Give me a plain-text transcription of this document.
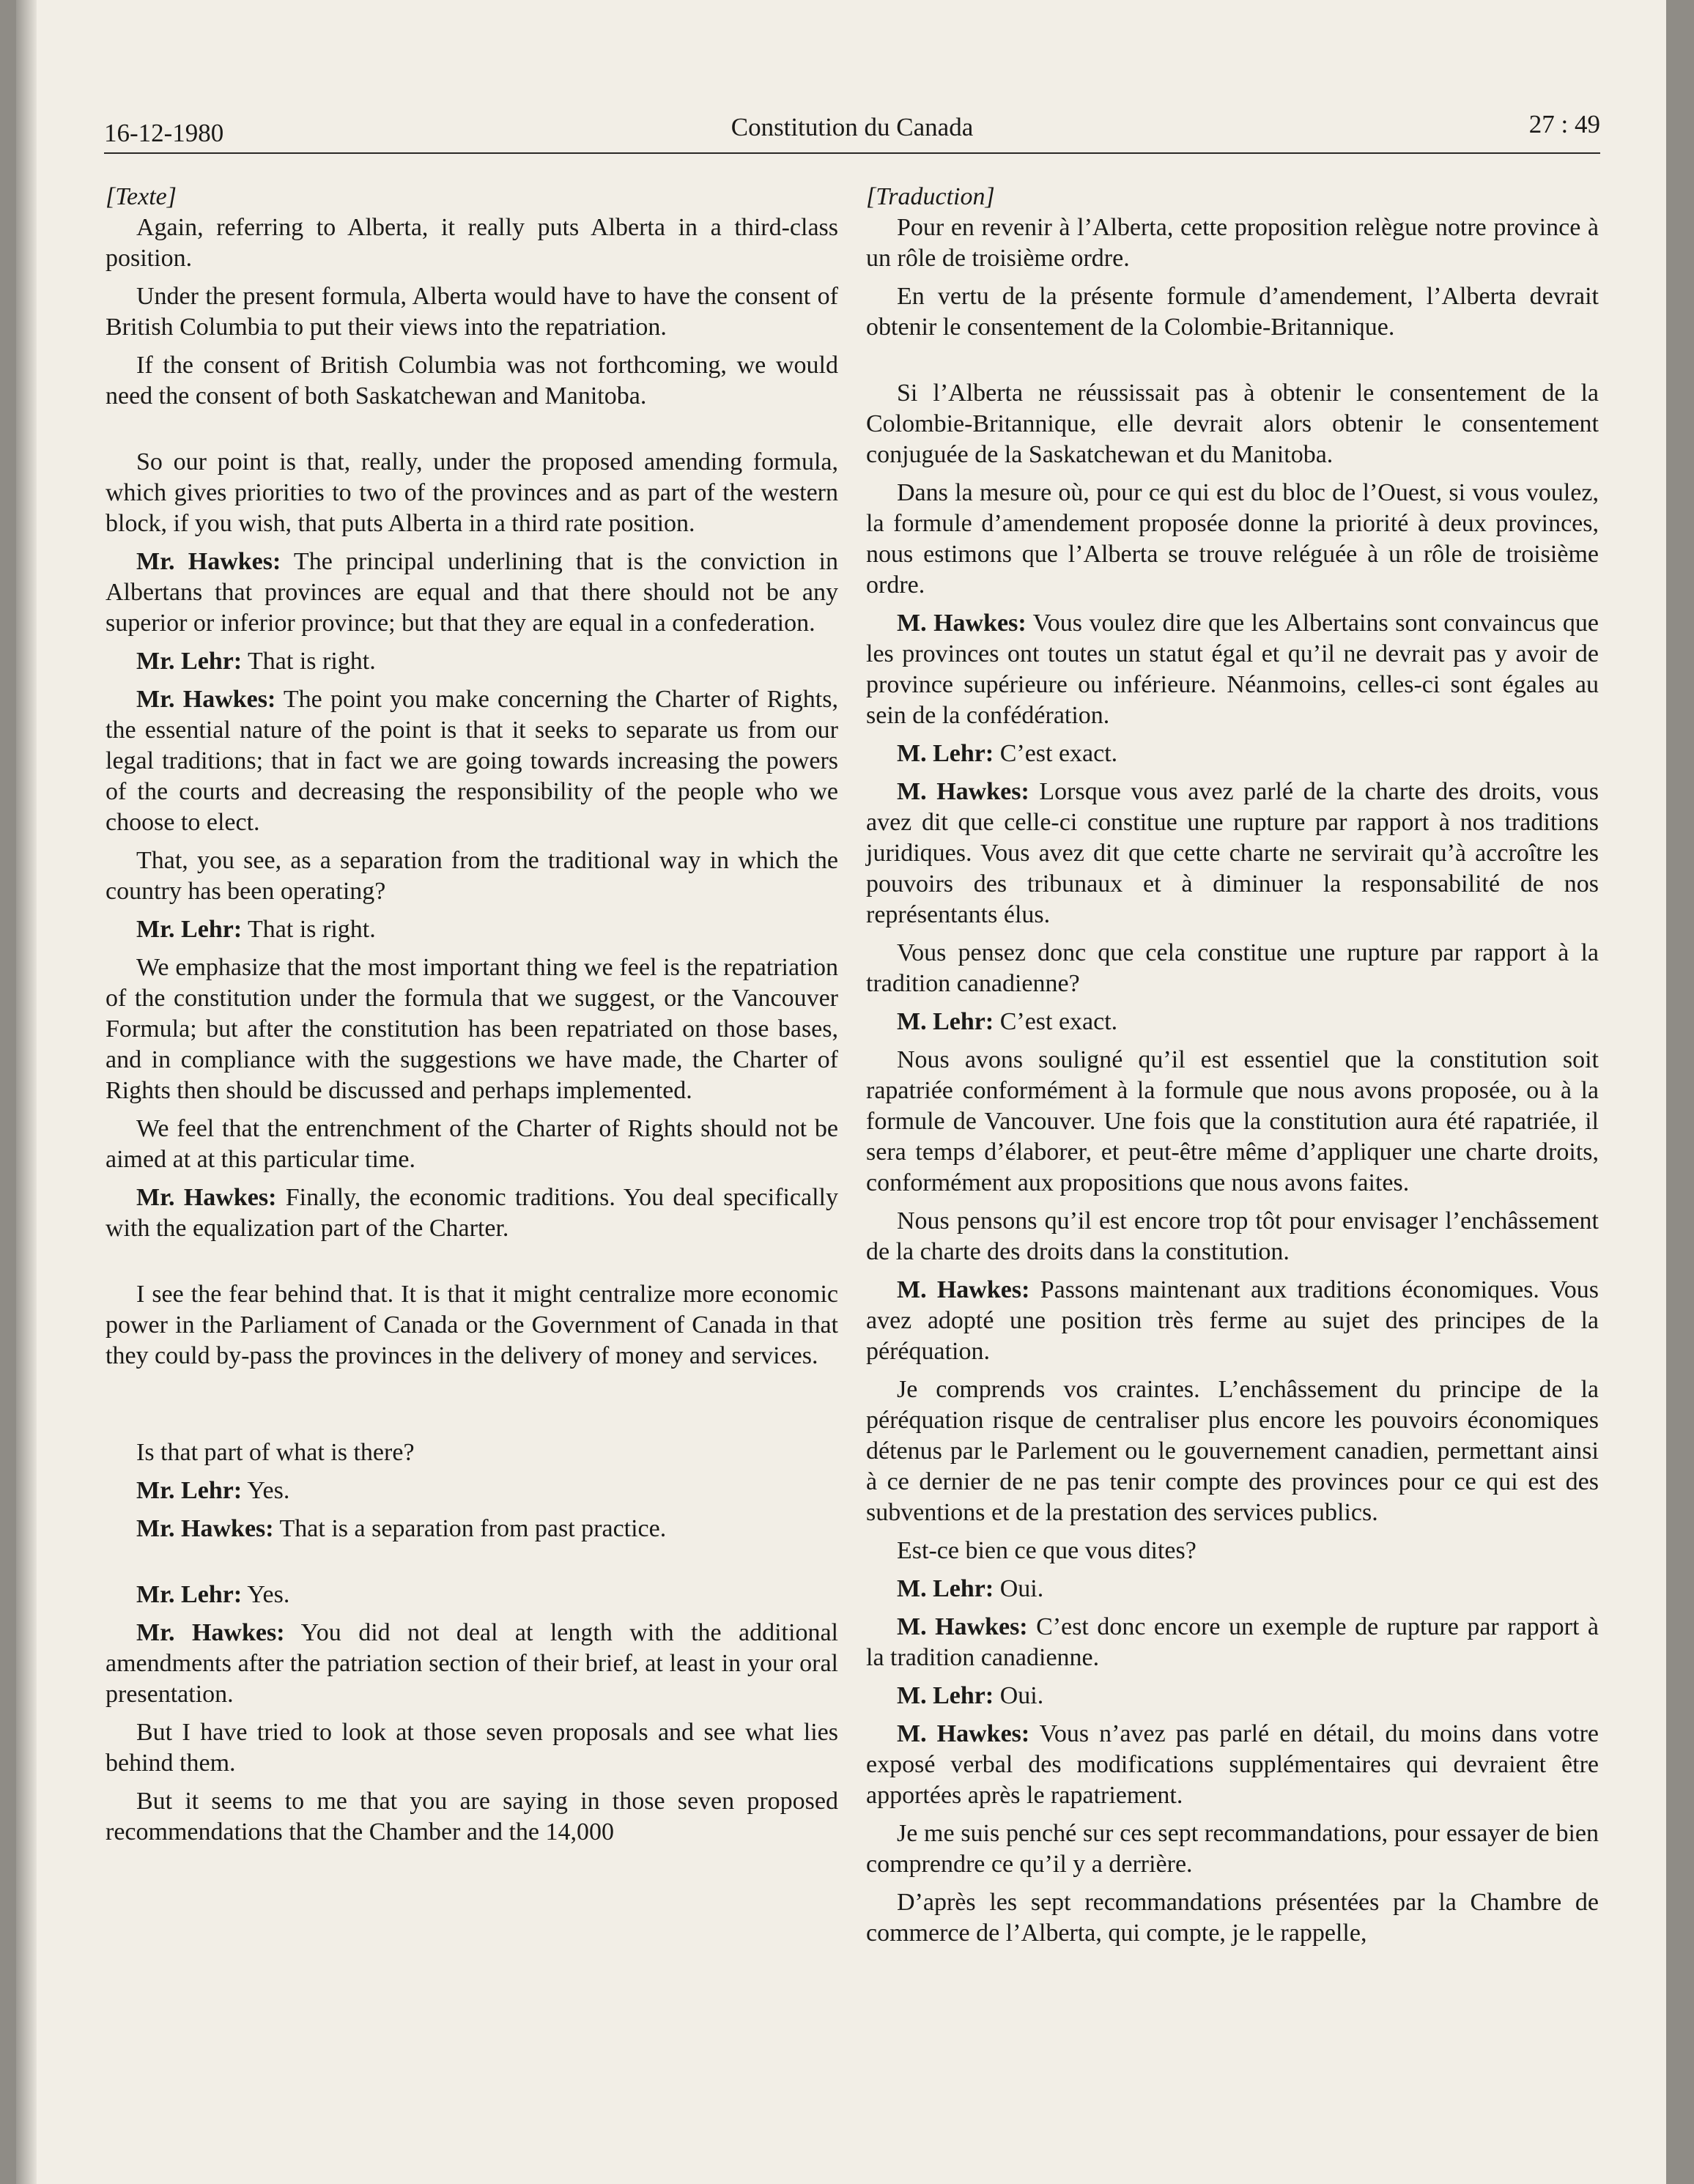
16-12-1980	Constitution du Canada	27 : 49

[Texte]

Again, referring to Alberta, it really puts Alberta in a third-class position.

Under the present formula, Alberta would have to have the consent of British Columbia to put their views into the repatriation.

If the consent of British Columbia was not forthcoming, we would need the consent of both Saskatchewan and Manitoba.

So our point is that, really, under the proposed amending formula, which gives priorities to two of the provinces and as part of the western block, if you wish, that puts Alberta in a third rate position.

Mr. Hawkes: The principal underlining that is the conviction in Albertans that provinces are equal and that there should not be any superior or inferior province; but that they are equal in a confederation.

Mr. Lehr: That is right.

Mr. Hawkes: The point you make concerning the Charter of Rights, the essential nature of the point is that it seeks to separate us from our legal traditions; that in fact we are going towards increasing the powers of the courts and decreasing the responsibility of the people who we choose to elect.

That, you see, as a separation from the traditional way in which the country has been operating?

Mr. Lehr: That is right.

We emphasize that the most important thing we feel is the repatriation of the constitution under the formula that we suggest, or the Vancouver Formula; but after the constitution has been repatriated on those bases, and in compliance with the suggestions we have made, the Charter of Rights then should be discussed and perhaps implemented.

We feel that the entrenchment of the Charter of Rights should not be aimed at at this particular time.

Mr. Hawkes: Finally, the economic traditions. You deal specifically with the equalization part of the Charter.

I see the fear behind that. It is that it might centralize more economic power in the Parliament of Canada or the Government of Canada in that they could by-pass the provinces in the delivery of money and services.

Is that part of what is there?

Mr. Lehr: Yes.

Mr. Hawkes: That is a separation from past practice.

Mr. Lehr: Yes.

Mr. Hawkes: You did not deal at length with the additional amendments after the patriation section of their brief, at least in your oral presentation.

But I have tried to look at those seven proposals and see what lies behind them.

But it seems to me that you are saying in those seven proposed recommendations that the Chamber and the 14,000

[Traduction]

Pour en revenir à l’Alberta, cette proposition relègue notre province à un rôle de troisième ordre.

En vertu de la présente formule d’amendement, l’Alberta devrait obtenir le consentement de la Colombie-Britannique.

Si l’Alberta ne réussissait pas à obtenir le consentement de la Colombie-Britannique, elle devrait alors obtenir le consentement conjuguée de la Saskatchewan et du Manitoba.

Dans la mesure où, pour ce qui est du bloc de l’Ouest, si vous voulez, la formule d’amendement proposée donne la priorité à deux provinces, nous estimons que l’Alberta se trouve reléguée à un rôle de troisième ordre.

M. Hawkes: Vous voulez dire que les Albertains sont convaincus que les provinces ont toutes un statut égal et qu’il ne devrait pas y avoir de province supérieure ou inférieure. Néanmoins, celles-ci sont égales au sein de la confédération.

M. Lehr: C’est exact.

M. Hawkes: Lorsque vous avez parlé de la charte des droits, vous avez dit que celle-ci constitue une rupture par rapport à nos traditions juridiques. Vous avez dit que cette charte ne servirait qu’à accroître les pouvoirs des tribunaux et à diminuer la responsabilité de nos représentants élus.

Vous pensez donc que cela constitue une rupture par rapport à la tradition canadienne?

M. Lehr: C’est exact.

Nous avons souligné qu’il est essentiel que la constitution soit rapatriée conformément à la formule que nous avons proposée, ou à la formule de Vancouver. Une fois que la constitution aura été rapatriée, il sera temps d’élaborer, et peut-être même d’appliquer une charte droits, conformément aux propositions que nous avons faites.

Nous pensons qu’il est encore trop tôt pour envisager l’enchâssement de la charte des droits dans la constitution.

M. Hawkes: Passons maintenant aux traditions économiques. Vous avez adopté une position très ferme au sujet des principes de la péréquation.

Je comprends vos craintes. L’enchâssement du principe de la péréquation risque de centraliser plus encore les pouvoirs économiques détenus par le Parlement ou le gouvernement canadien, permettant ainsi à ce dernier de ne pas tenir compte des provinces pour ce qui est des subventions et de la prestation des services publics.

Est-ce bien ce que vous dites?

M. Lehr: Oui.

M. Hawkes: C’est donc encore un exemple de rupture par rapport à la tradition canadienne.

M. Lehr: Oui.

M. Hawkes: Vous n’avez pas parlé en détail, du moins dans votre exposé verbal des modifications supplémentaires qui devraient être apportées après le rapatriement.

Je me suis penché sur ces sept recommandations, pour essayer de bien comprendre ce qu’il y a derrière.

D’après les sept recommandations présentées par la Chambre de commerce de l’Alberta, qui compte, je le rappelle,
